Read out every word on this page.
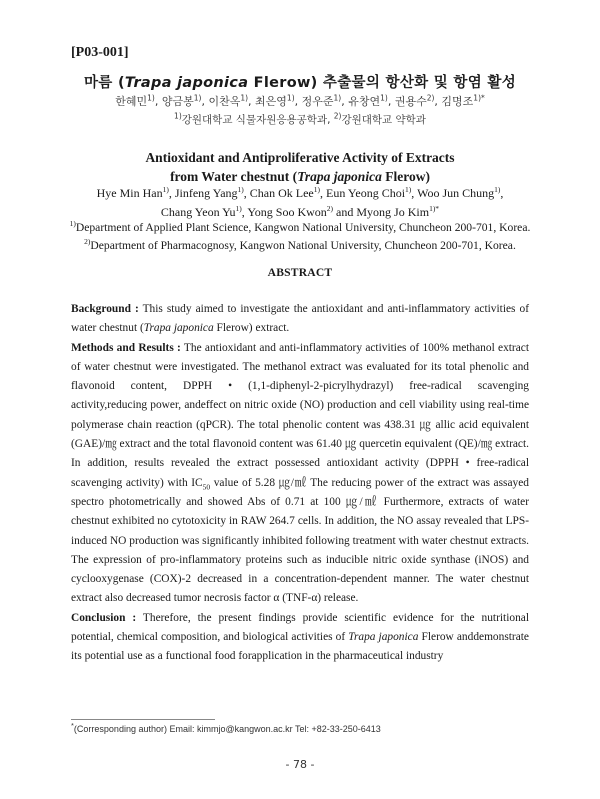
[P03-001]
마름 (Trapa japonica Flerow) 추출물의 항산화 및 항염 활성
한혜민$^{1)}$, 양금봉$^{1)}$, 이찬옥$^{1)}$, 최은영$^{1)}$, 정우준$^{1)}$, 유창연$^{1)}$, 권용수$^{2)}$, 김명조$^{1)*}$
$^{1)}$강원대학교 식물자원응용공학과, $^{2)}$강원대학교 약학과
Antioxidant and Antiproliferative Activity of Extracts
from Water chestnut (Trapa japonica Flerow)
Hye Min Han$^{1)}$, Jinfeng Yang$^{1)}$, Chan Ok Lee$^{1)}$, Eun Yeong Choi$^{1)}$, Woo Jun Chung$^{1)}$,
Chang Yeon Yu$^{1)}$, Yong Soo Kwon$^{2)}$ and Myong Jo Kim$^{1)*}$
$^{1)}$Department of Applied Plant Science, Kangwon National University, Chuncheon 200-701, Korea.
$^{2)}$Department of Pharmacognosy, Kangwon National University, Chuncheon 200-701, Korea.
ABSTRACT

Background : This study aimed to investigate the antioxidant and anti-inflammatory activities of water chestnut (Trapa japonica Flerow) extract.

Methods and Results : The antioxidant and anti-inflammatory activities of 100% methanol extract of water chestnut were investigated. The methanol extract was evaluated for its total phenolic and flavonoid content, DPPH • (1,1-diphenyl-2-picrylhydrazyl) free-radical scavenging activity,reducing power, andeffect on nitric oxide (NO) production and cell viability using real-time polymerase chain reaction (qPCR). The total phenolic content was 438.31 ㎍ allic acid equivalent (GAE)/㎎ extract and the total flavonoid content was 61.40 ㎍ quercetin equivalent (QE)/㎎ extract. In addition, results revealed the extract possessed antioxidant activity (DPPH • free-radical scavenging activity) with $IC_{50}$ value of 5.28 ㎍/㎖ The reducing power of the extract was assayed spectro photometrically and showed Abs of 0.71 at 100 ㎍/㎖ Furthermore, extracts of water chestnut exhibited no cytotoxicity in RAW 264.7 cells. In addition, the NO assay revealed that LPS-induced NO production was significantly inhibited following treatment with water chestnut extracts. The expression of pro-inflammatory proteins such as inducible nitric oxide synthase (iNOS) and cyclooxygenase (COX)-2 decreased in a concentration-dependent manner. The water chestnut extract also decreased tumor necrosis factor α (TNF-α) release.

Conclusion : Therefore, the present findings provide scientific evidence for the nutritional potential, chemical composition, and biological activities of Trapa japonica Flerow anddemonstrate its potential use as a functional food forapplication in the pharmaceutical industry

*(Corresponding author) Email: kimmjo@kangwon.ac.kr Tel: +82-33-250-6413
- 78 -
